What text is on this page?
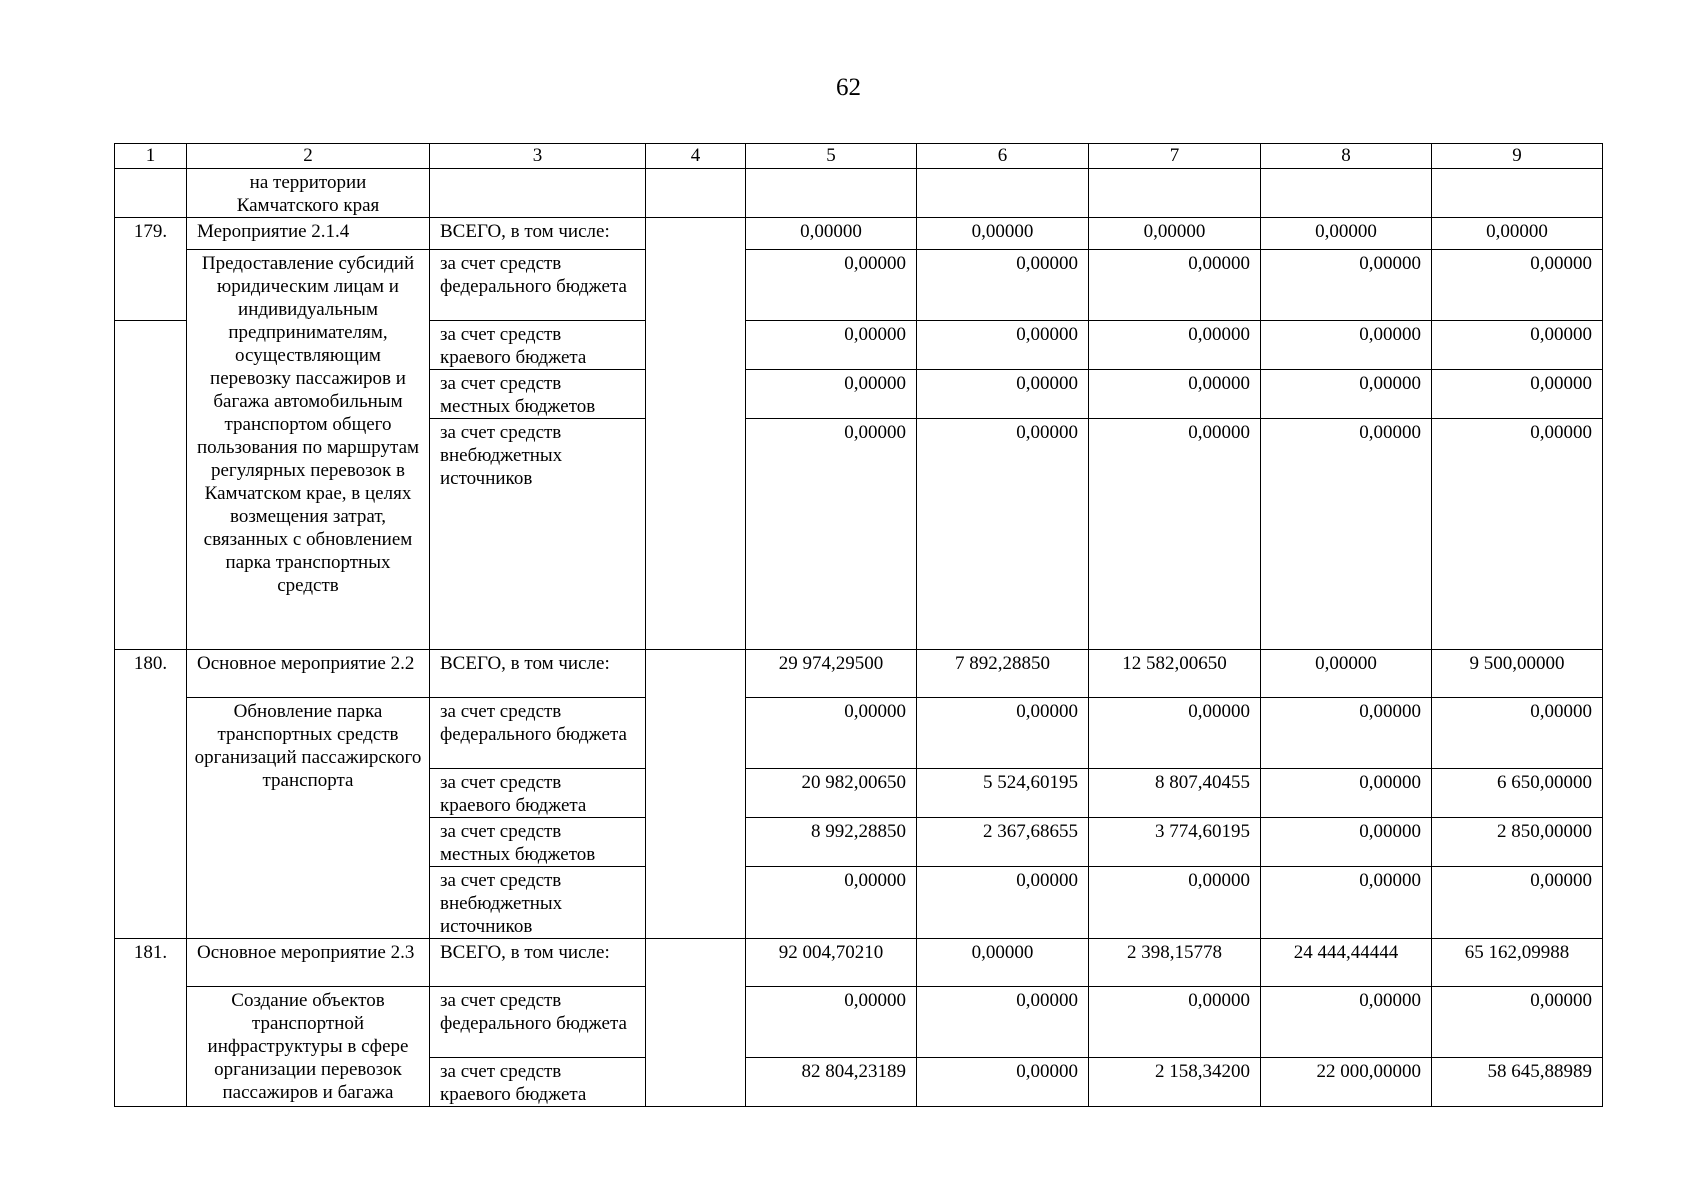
62
1	2	3	4	5	6	7	8	9

	на территории
Камчатского края							

179.	Мероприятие 2.1.4	ВСЕГО, в том числе:		0,00000	0,00000	0,00000	0,00000	0,00000
	Предоставление субсидий юридическим лицам и индивидуальным предпринимателям, осуществляющим перевозку пассажиров и багажа автомобильным транспортом общего пользования по маршрутам регулярных перевозок в Камчатском крае, в целях возмещения затрат, связанных с обновлением парка транспортных средств	за счет средств федерального бюджета		0,00000	0,00000	0,00000	0,00000	0,00000
		за счет средств краевого бюджета		0,00000	0,00000	0,00000	0,00000	0,00000
		за счет средств местных бюджетов		0,00000	0,00000	0,00000	0,00000	0,00000
		за счет средств внебюджетных источников		0,00000	0,00000	0,00000	0,00000	0,00000
180.	Основное мероприятие 2.2	ВСЕГО, в том числе:		29 974,29500	7 892,28850	12 582,00650	0,00000	9 500,00000
	Обновление парка транспортных средств организаций пассажирского транспорта	за счет средств федерального бюджета		0,00000	0,00000	0,00000	0,00000	0,00000
		за счет средств краевого бюджета		20 982,00650	5 524,60195	8 807,40455	0,00000	6 650,00000
		за счет средств местных бюджетов		8 992,28850	2 367,68655	3 774,60195	0,00000	2 850,00000
		за счет средств внебюджетных источников		0,00000	0,00000	0,00000	0,00000	0,00000
181.	Основное мероприятие 2.3	ВСЕГО, в том числе:		92 004,70210	0,00000	2 398,15778	24 444,44444	65 162,09988
	Создание объектов транспортной инфраструктуры в сфере организации перевозок пассажиров и багажа	за счет средств федерального бюджета		0,00000	0,00000	0,00000	0,00000	0,00000
		за счет средств краевого бюджета		82 804,23189	0,00000	2 158,34200	22 000,00000	58 645,88989
